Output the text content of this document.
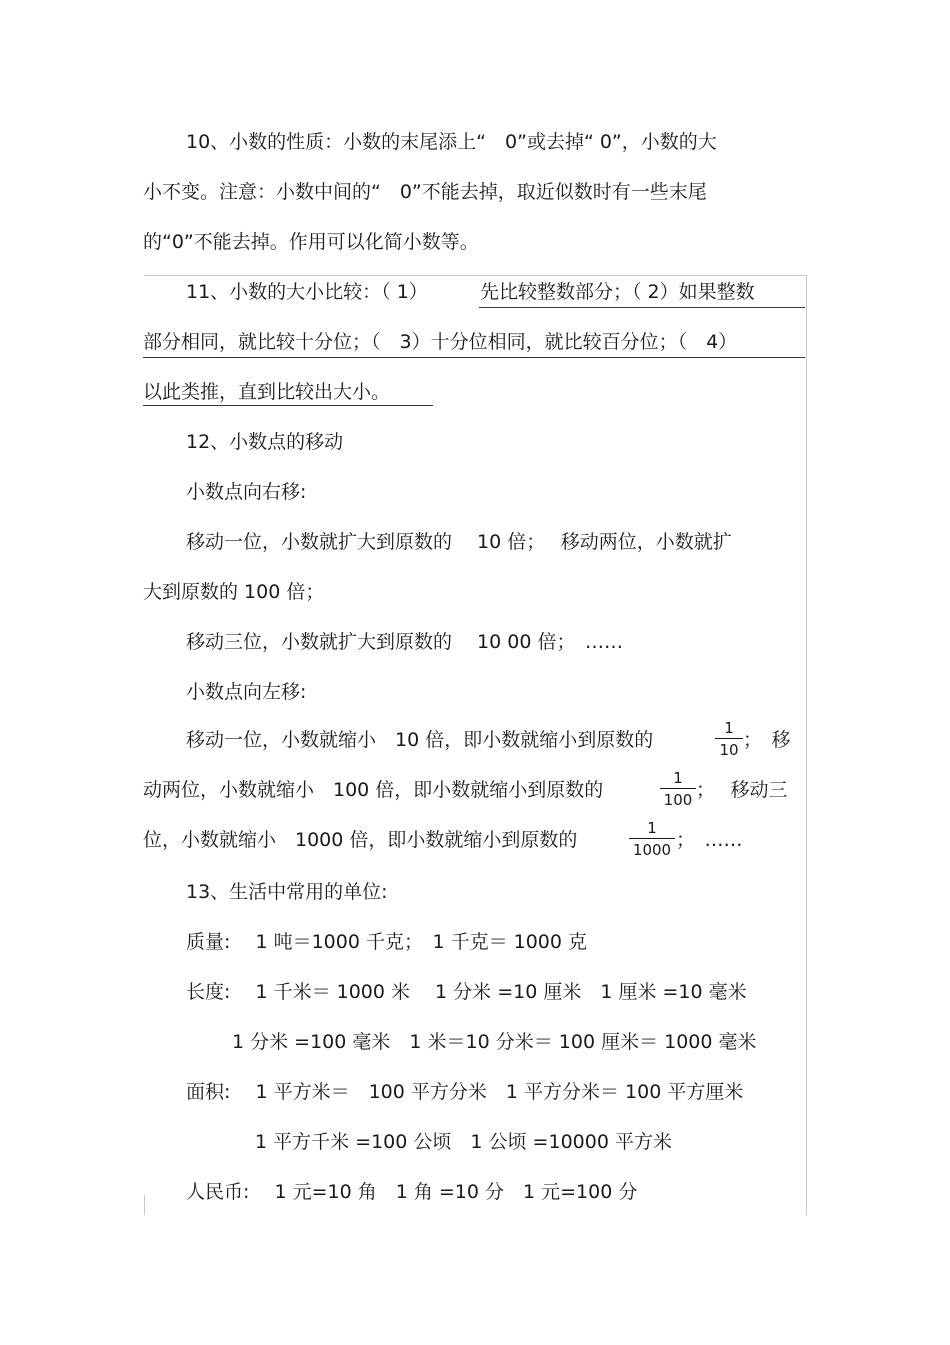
10、小数的性质：小数的末尾添上“　0”或去掉“ 0”，小数的大
小不变。注意：小数中间的“　0”不能去掉，取近似数时有一些末尾
的“0”不能去掉。作用可以化简小数等。
11、小数的大小比较：（ 1）	先比较整数部分；（ 2）如果整数
部分相同，就比较十分位；（　3）十分位相同，就比较百分位；（　4）
以此类推，直到比较出大小。
12、小数点的移动
小数点向右移:
移动一位，小数就扩大到原数的　 10 倍；　 移动两位，小数就扩
大到原数的 100 倍；
移动三位，小数就扩大到原数的　 10 00 倍；　……
小数点向左移:
移动一位，小数就缩小　10 倍，即小数就缩小到原数的
1
10 ；　移
动两位，小数就缩小　100 倍，即小数就缩小到原数的
1
100 ；　 移动三
位，小数就缩小　1000 倍，即小数就缩小到原数的
1
1000 ；　……
13、生活中常用的单位:
质量:　 1 吨＝1000 千克；　1 千克＝ 1000 克
长度:　 1 千米＝ 1000 米　 1 分米 =10 厘米　1 厘米 =10 毫米
1 分米 =100 毫米　1 米＝10 分米＝ 100 厘米＝ 1000 毫米
面积:　 1 平方米＝　100 平方分米　1 平方分米＝ 100 平方厘米
1 平方千米 =100 公顷　1 公顷 =10000 平方米
人民币:　 1 元=10 角　1 角 =10 分　1 元=100 分
